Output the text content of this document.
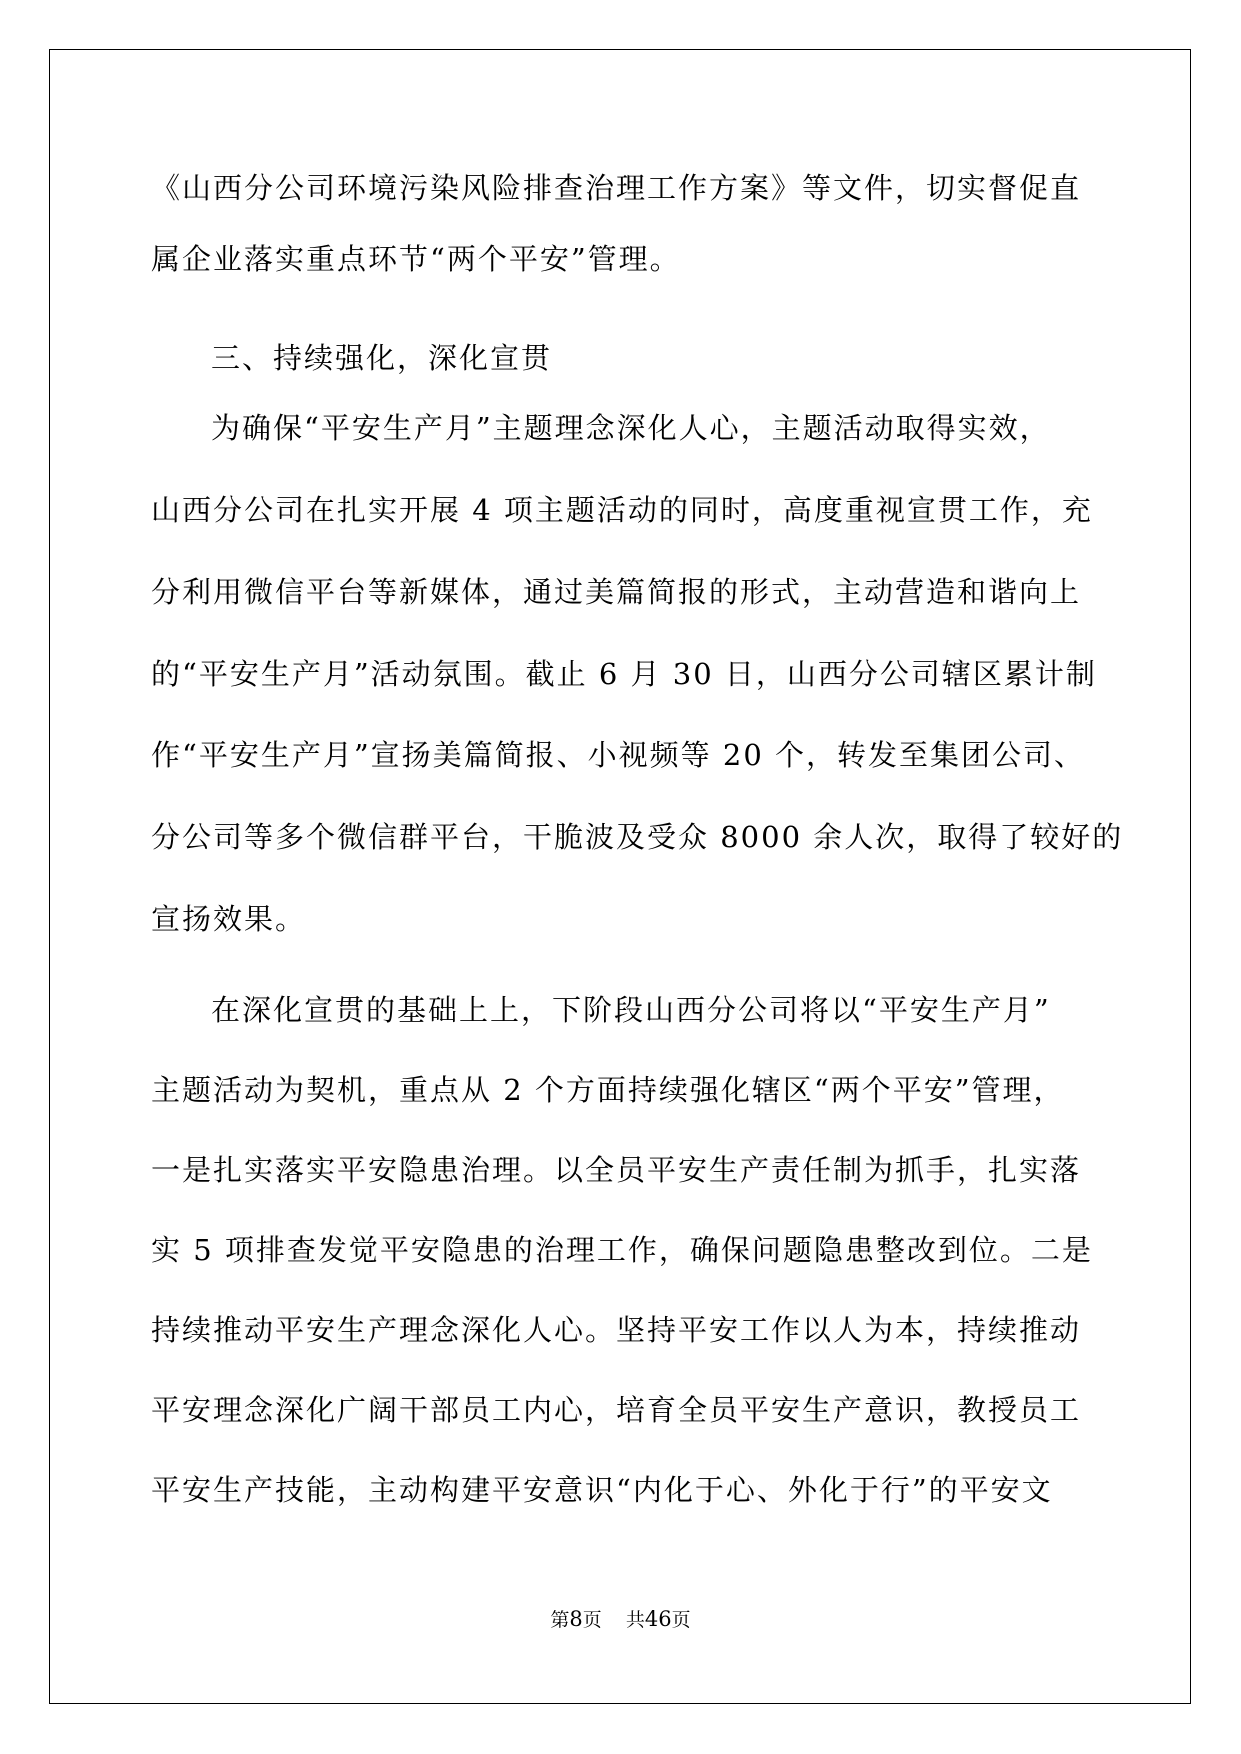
《山西分公司环境污染风险排查治理工作方案》等文件，切实督促直
属企业落实重点环节“两个平安”管理。
三、持续强化，深化宣贯
为确保“平安生产月”主题理念深化人心，主题活动取得实效，
山西分公司在扎实开展 4 项主题活动的同时，高度重视宣贯工作，充
分利用微信平台等新媒体，通过美篇简报的形式，主动营造和谐向上
的“平安生产月”活动氛围。截止 6 月 30 日，山西分公司辖区累计制
作“平安生产月”宣扬美篇简报、小视频等 20 个，转发至集团公司、
分公司等多个微信群平台，干脆波及受众 8000 余人次，取得了较好的
宣扬效果。
在深化宣贯的基础上上，下阶段山西分公司将以“平安生产月”
主题活动为契机，重点从 2 个方面持续强化辖区“两个平安”管理，
一是扎实落实平安隐患治理。以全员平安生产责任制为抓手，扎实落
实 5 项排查发觉平安隐患的治理工作，确保问题隐患整改到位。二是
持续推动平安生产理念深化人心。坚持平安工作以人为本，持续推动
平安理念深化广阔干部员工内心，培育全员平安生产意识，教授员工
平安生产技能，主动构建平安意识“内化于心、外化于行”的平安文
第8页 共46页
